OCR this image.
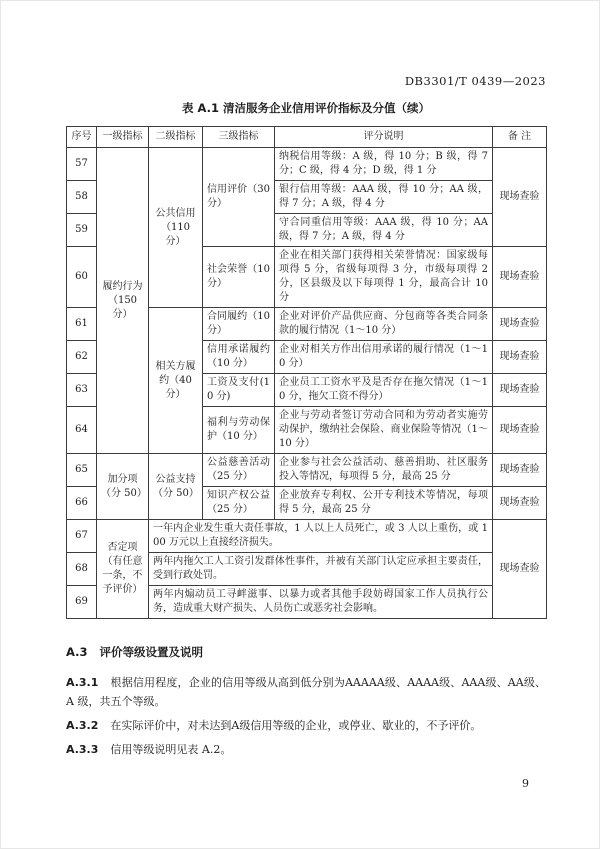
DB3301/T 0439—2023

表 A.1 清洁服务企业信用评价指标及分值（续）

序号	一级指标	二级指标	三级指标	评分说明	备 注
57	履约行为（150 分）	公共信用（110 分）	信用评价（30 分）	纳税信用等级：A 级，得 10 分；B 级，得 7 分；C 级，得 4 分；D 级，得 1 分	现场查验
58				银行信用等级：AAA 级，得 10 分；AA 级，得 7 分；A 级，得 4 分	
59				守合同重信用等级：AAA 级，得 10 分；AA 级，得 7 分；A 级，得 4 分	
60			社会荣誉（10 分）	企业在相关部门获得相关荣誉情况：国家级每项得 5 分，省级每项得 3 分，市级每项得 2 分，区县级及以下每项得 1 分，最高合计 10 分	现场查验
61		相关方履约（40 分）	合同履约（10 分）	企业对评价产品供应商、分包商等各类合同条款的履行情况（1～10 分）	现场查验
62			信用承诺履约（10 分）	企业对相关方作出信用承诺的履行情况（1～10 分）	现场查验
63			工资及支付(10 分)	企业员工工资水平及是否存在拖欠情况（1～10 分，拖欠工资不得分）	现场查验
64			福利与劳动保护（10 分）	企业与劳动者签订劳动合同和为劳动者实施劳动保护，缴纳社会保险、商业保险等情况（1～10 分）	现场查验
65	加分项（分 50）	公益支持（分 50）	公益慈善活动（25 分）	企业参与社会公益活动、慈善捐助、社区服务投入等情况，每项得 5 分，最高 25 分	现场查验
66			知识产权公益（25 分）	企业放弃专利权、公开专利技术等情况，每项得 5 分，最高 25 分	现场查验
67	否定项（有任意一条，不予评价）	一年内企业发生重大责任事故，1 人以上人员死亡，或 3 人以上重伤，或 100 万元以上直接经济损失。			现场查验
68		两年内拖欠工人工资引发群体性事件，并被有关部门认定应承担主要责任，受到行政处罚。			
69		两年内煽动员工寻衅滋事、以暴力或者其他手段妨碍国家工作人员执行公务，造成重大财产损失、人员伤亡或恶劣社会影响。			

A.3 评价等级设置及说明

A.3.1 根据信用程度，企业的信用等级从高到低分别为AAAAA级、AAAA级、AAA级、AA级、A 级，共五个等级。

A.3.2 在实际评价中，对未达到A级信用等级的企业，或停业、歇业的，不予评价。

A.3.3 信用等级说明见表 A.2。

9
